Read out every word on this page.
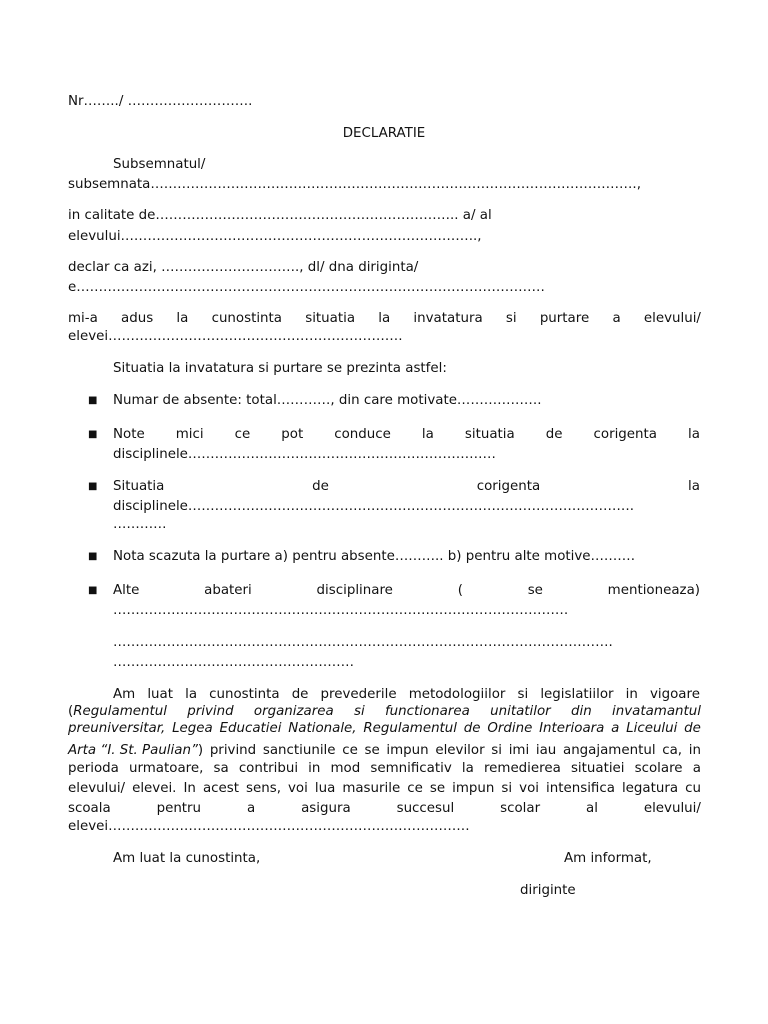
Nr……../ ……………………….
DECLARATIE
Subsemnatul/
subsemnata……………………………………………………………………………………………….,
in calitate de………………………………………………………….. a/ al
elevului……………………………………………………………………..,
declar ca azi, …………………………., dl/ dna diriginta/
e……………………………………………………………………………………………
mi-a adus la cunostinta situatia la invatatura si purtare a elevului/
elevei…………………………………………………………
Situatia la invatatura si purtare se prezinta astfel:
■ Numar de absente: total…………, din care motivate……………….
■ Note mici ce pot conduce la situatia de corigenta la
disciplinele……………………………………………………………
■ Situatia	de	corigenta	la
disciplinele……………………………………………………………………………………….
…………
■ Nota scazuta la purtare a) pentru absente……….. b) pentru alte motive……….
■ Alte	abateri	disciplinare	(	se	mentioneaza)
…………………………………………………………………………………………
………………………………………………………………………………………………….
………………………………………………
Am luat la cunostinta de prevederile metodologiilor si legislatiilor in vigoare
( Regulamentul privind organizarea si functionarea unitatilor din invatamantul
preuniversitar, Legea Educatiei Nationale, Regulamentul de Ordine Interioara a Liceului de
Arta “I. St. Paulian” ) privind sanctiunile ce se impun elevilor si imi iau angajamentul ca, in
perioda urmatoare, sa contribui in mod semnificativ la remedierea situatiei scolare a
elevului/ elevei. In acest sens, voi lua masurile ce se impun si voi intensifica legatura cu
scoala	pentru	a	asigura	succesul	scolar	al	elevului/
elevei………………………………………………………………………
Am luat la cunostinta,	Am informat,
diriginte
